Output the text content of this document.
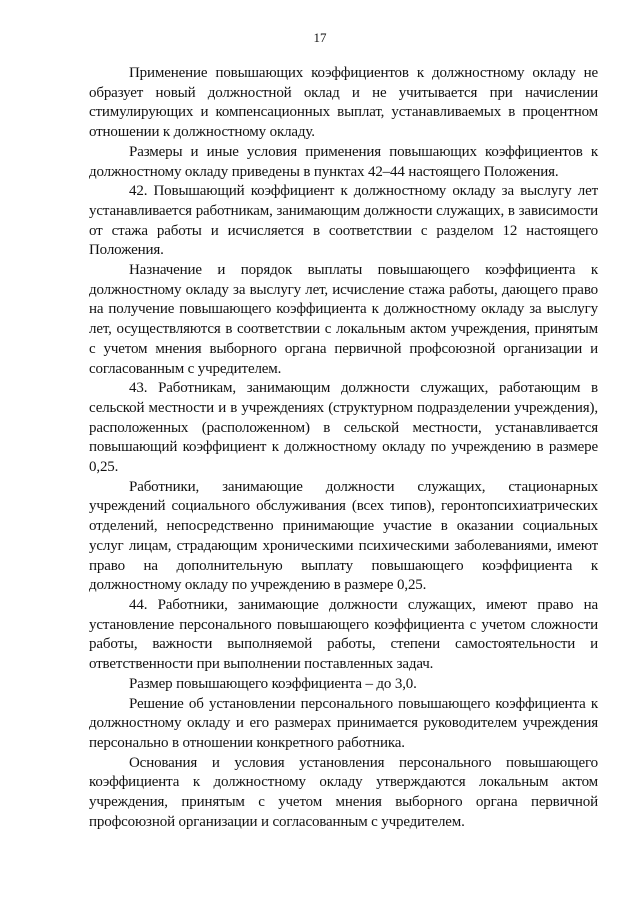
17

Применение повышающих коэффициентов к должностному окладу не образует новый должностной оклад и не учитывается при начислении стимулирующих и компенсационных выплат, устанавливаемых в процентном отношении к должностному окладу.

Размеры и иные условия применения повышающих коэффициентов к должностному окладу приведены в пунктах 42–44 настоящего Положения.

42. Повышающий коэффициент к должностному окладу за выслугу лет устанавливается работникам, занимающим должности служащих, в зависимости от стажа работы и исчисляется в соответствии с разделом 12 настоящего Положения.

Назначение и порядок выплаты повышающего коэффициента к должностному окладу за выслугу лет, исчисление стажа работы, дающего право на получение повышающего коэффициента к должностному окладу за выслугу лет, осуществляются в соответствии с локальным актом учреждения, принятым с учетом мнения выборного органа первичной профсоюзной организации и согласованным с учредителем.

43. Работникам, занимающим должности служащих, работающим в сельской местности и в учреждениях (структурном подразделении учреждения), расположенных (расположенном) в сельской местности, устанавливается повышающий коэффициент к должностному окладу по учреждению в размере 0,25.

Работники, занимающие должности служащих, стационарных учреждений социального обслуживания (всех типов), геронтопсихиатрических отделений, непосредственно принимающие участие в оказании социальных услуг лицам, страдающим хроническими психическими заболеваниями, имеют право на дополнительную выплату повышающего коэффициента к должностному окладу по учреждению в размере 0,25.

44. Работники, занимающие должности служащих, имеют право на установление персонального повышающего коэффициента с учетом сложности работы, важности выполняемой работы, степени самостоятельности и ответственности при выполнении поставленных задач.

Размер повышающего коэффициента – до 3,0.

Решение об установлении персонального повышающего коэффициента к должностному окладу и его размерах принимается руководителем учреждения персонально в отношении конкретного работника.

Основания и условия установления персонального повышающего коэффициента к должностному окладу утверждаются локальным актом учреждения, принятым с учетом мнения выборного органа первичной профсоюзной организации и согласованным с учредителем.
